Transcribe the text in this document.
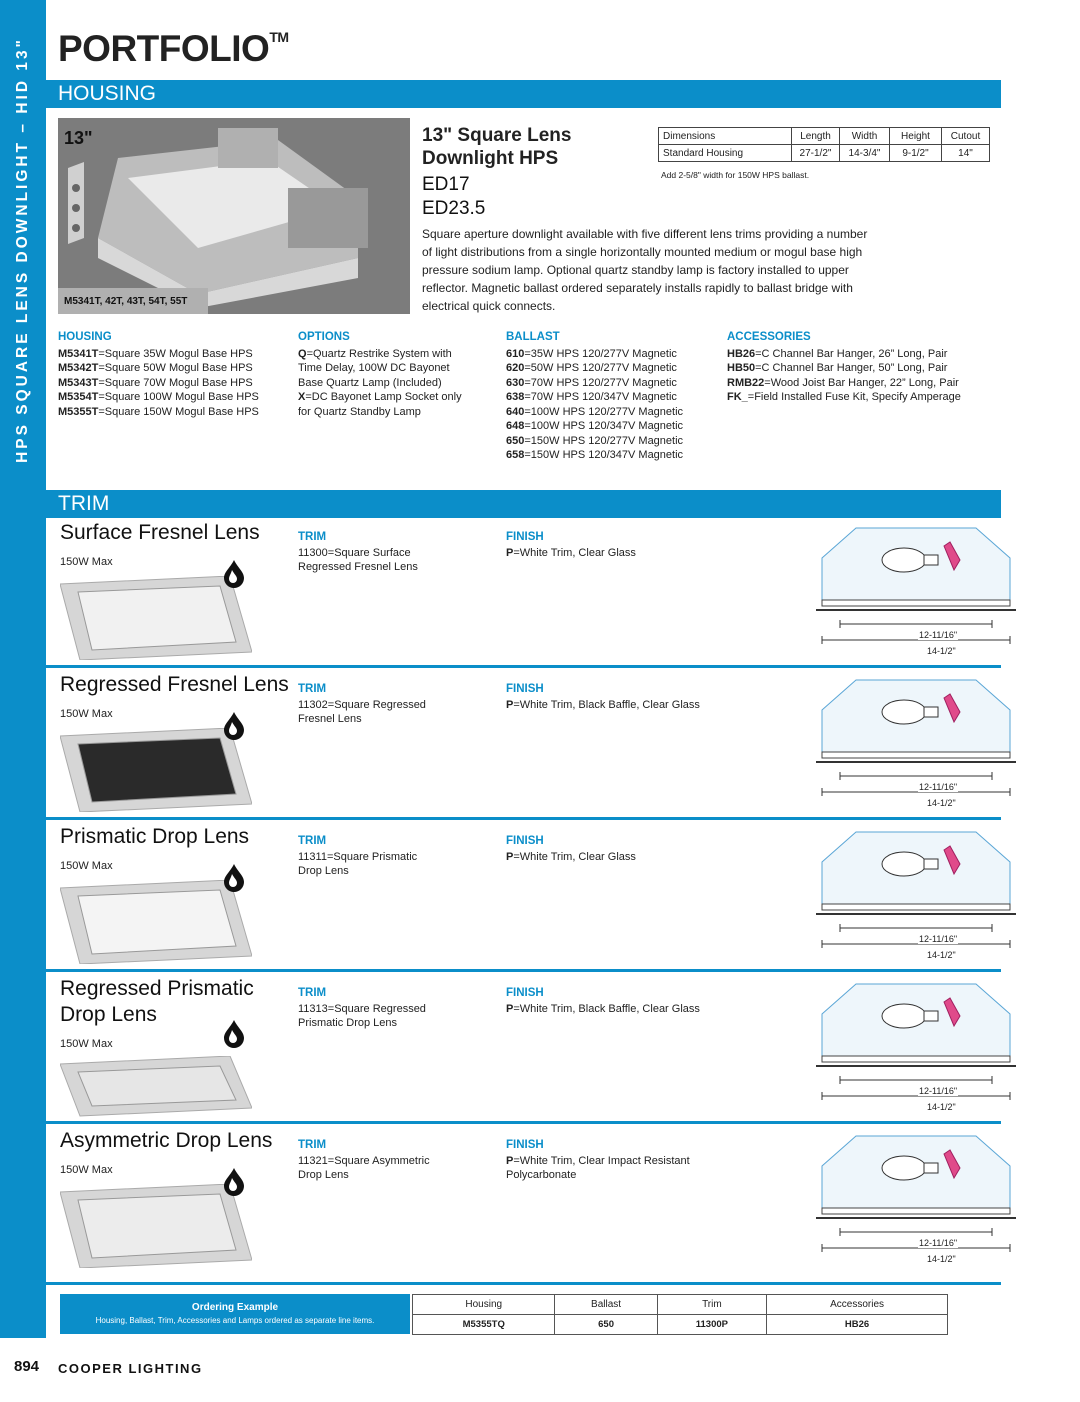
HPS SQUARE LENS DOWNLIGHT – HID 13" PORTFOLIO™
HOUSING
13"
M5341T, 42T, 43T, 54T, 55T
13" Square Lens
Downlight HPS
ED17
ED23.5
Square aperture downlight available with five different lens trims providing a number of light distributions from a single horizontally mounted medium or mogul base high pressure sodium lamp. Optional quartz standby lamp is factory installed to upper reflector. Magnetic ballast ordered separately installs rapidly to ballast bridge with electrical quick connects.
Dimensions	Length	Width	Height	Cutout
Standard Housing	27-1/2"	14-3/4"	9-1/2"	14"
Add 2-5/8" width for 150W HPS ballast.
HOUSING
M5341T=Square 35W Mogul Base HPS
M5342T=Square 50W Mogul Base HPS
M5343T=Square 70W Mogul Base HPS
M5354T=Square 100W Mogul Base HPS
M5355T=Square 150W Mogul Base HPS
OPTIONS
Q=Quartz Restrike System with
Time Delay, 100W DC Bayonet
Base Quartz Lamp (Included)
X=DC Bayonet Lamp Socket only
for Quartz Standby Lamp
BALLAST
610=35W HPS 120/277V Magnetic
620=50W HPS 120/277V Magnetic
630=70W HPS 120/277V Magnetic
638=70W HPS 120/347V Magnetic
640=100W HPS 120/277V Magnetic
648=100W HPS 120/347V Magnetic
650=150W HPS 120/277V Magnetic
658=150W HPS 120/347V Magnetic
ACCESSORIES
HB26=C Channel Bar Hanger, 26” Long, Pair
HB50=C Channel Bar Hanger, 50” Long, Pair
RMB22=Wood Joist Bar Hanger, 22” Long, Pair
FK_=Field Installed Fuse Kit, Specify Amperage
TRIM
Surface Fresnel Lens
150W Max
TRIM
11300=Square Surface
Regressed Fresnel Lens
FINISH
P=White Trim, Clear Glass
12-11/16"
14-1/2"
Regressed Fresnel Lens
150W Max
TRIM
11302=Square Regressed
Fresnel Lens
FINISH
P=White Trim, Black Baffle, Clear Glass
12-11/16"
14-1/2"
Prismatic Drop Lens
150W Max
TRIM
11311=Square Prismatic
Drop Lens
FINISH
P=White Trim, Clear Glass
12-11/16"
14-1/2"
Regressed Prismatic
Drop Lens
150W Max
TRIM
11313=Square Regressed
Prismatic Drop Lens
FINISH
P=White Trim, Black Baffle, Clear Glass
12-11/16"
14-1/2"
Asymmetric Drop Lens
150W Max
TRIM
11321=Square Asymmetric
Drop Lens
FINISH
P=White Trim, Clear Impact Resistant
Polycarbonate
12-11/16"
14-1/2"
Ordering Example
Housing, Ballast, Trim, Accessories and Lamps ordered as separate line items.
Housing	Ballast	Trim	Accessories
M5355TQ	650	11300P	HB26
894 COOPER LIGHTING
